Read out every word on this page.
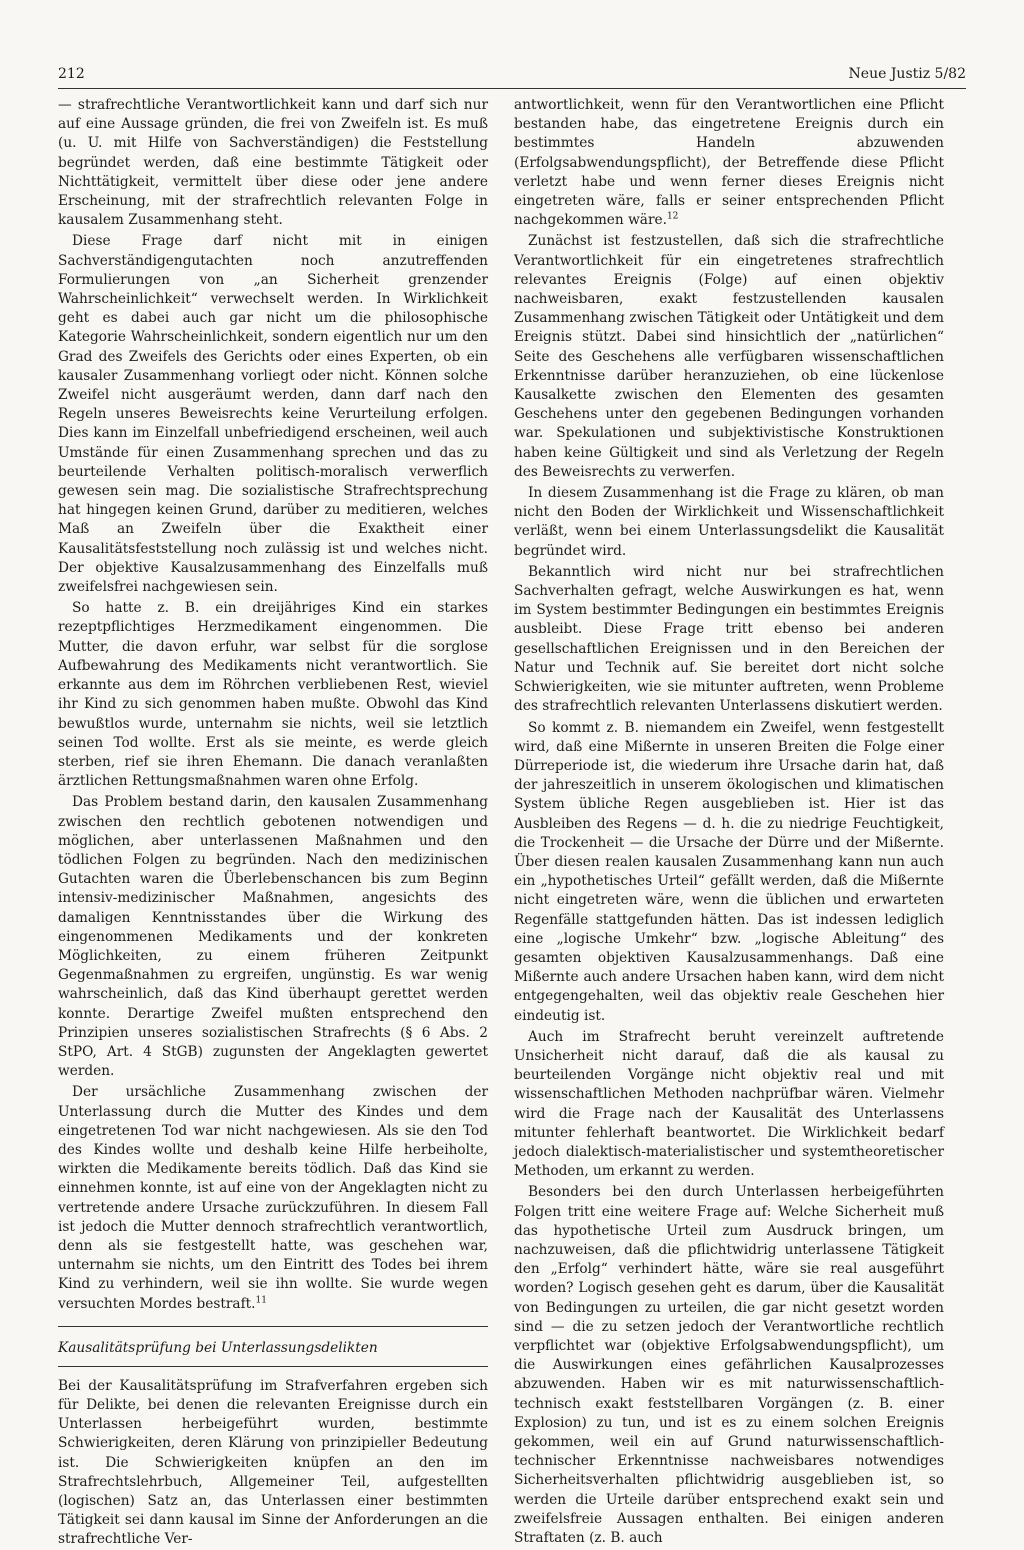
212	Neue Justiz 5/82

— strafrechtliche Verantwortlichkeit kann und darf sich nur auf eine Aussage gründen, die frei von Zweifeln ist. Es muß (u. U. mit Hilfe von Sachverständigen) die Feststellung begründet werden, daß eine bestimmte Tätigkeit oder Nichttätigkeit, vermittelt über diese oder jene andere Erscheinung, mit der strafrechtlich relevanten Folge in kausalem Zusammenhang steht.

Diese Frage darf nicht mit in einigen Sachverständigengutachten noch anzutreffenden Formulierungen von „an Sicherheit grenzender Wahrscheinlichkeit“ verwechselt werden. In Wirklichkeit geht es dabei auch gar nicht um die philosophische Kategorie Wahrscheinlichkeit, sondern eigentlich nur um den Grad des Zweifels des Gerichts oder eines Experten, ob ein kausaler Zusammenhang vorliegt oder nicht. Können solche Zweifel nicht ausgeräumt werden, dann darf nach den Regeln unseres Beweisrechts keine Verurteilung erfolgen. Dies kann im Einzelfall unbefriedigend erscheinen, weil auch Umstände für einen Zusammenhang sprechen und das zu beurteilende Verhalten politisch-moralisch verwerflich gewesen sein mag. Die sozialistische Strafrechtsprechung hat hingegen keinen Grund, darüber zu meditieren, welches Maß an Zweifeln über die Exaktheit einer Kausalitätsfeststellung noch zulässig ist und welches nicht. Der objektive Kausalzusammenhang des Einzelfalls muß zweifelsfrei nachgewiesen sein.

So hatte z. B. ein dreijähriges Kind ein starkes rezeptpflichtiges Herzmedikament eingenommen. Die Mutter, die davon erfuhr, war selbst für die sorglose Aufbewahrung des Medikaments nicht verantwortlich. Sie erkannte aus dem im Röhrchen verbliebenen Rest, wieviel ihr Kind zu sich genommen haben mußte. Obwohl das Kind bewußtlos wurde, unternahm sie nichts, weil sie letztlich seinen Tod wollte. Erst als sie meinte, es werde gleich sterben, rief sie ihren Ehemann. Die danach veranlaßten ärztlichen Rettungsmaßnahmen waren ohne Erfolg.

Das Problem bestand darin, den kausalen Zusammenhang zwischen den rechtlich gebotenen notwendigen und möglichen, aber unterlassenen Maßnahmen und den tödlichen Folgen zu begründen. Nach den medizinischen Gutachten waren die Überlebenschancen bis zum Beginn intensiv-medizinischer Maßnahmen, angesichts des damaligen Kenntnisstandes über die Wirkung des eingenommenen Medikaments und der konkreten Möglichkeiten, zu einem früheren Zeitpunkt Gegenmaßnahmen zu ergreifen, ungünstig. Es war wenig wahrscheinlich, daß das Kind überhaupt gerettet werden konnte. Derartige Zweifel mußten entsprechend den Prinzipien unseres sozialistischen Strafrechts (§ 6 Abs. 2 StPO, Art. 4 StGB) zugunsten der Angeklagten gewertet werden.

Der ursächliche Zusammenhang zwischen der Unterlassung durch die Mutter des Kindes und dem eingetretenen Tod war nicht nachgewiesen. Als sie den Tod des Kindes wollte und deshalb keine Hilfe herbeiholte, wirkten die Medikamente bereits tödlich. Daß das Kind sie einnehmen konnte, ist auf eine von der Angeklagten nicht zu vertretende andere Ursache zurückzuführen. In diesem Fall ist jedoch die Mutter dennoch strafrechtlich verantwortlich, denn als sie festgestellt hatte, was geschehen war, unternahm sie nichts, um den Eintritt des Todes bei ihrem Kind zu verhindern, weil sie ihn wollte. Sie wurde wegen versuchten Mordes bestraft.$^{11}$

Kausalitätsprüfung bei Unterlassungsdelikten

Bei der Kausalitätsprüfung im Strafverfahren ergeben sich für Delikte, bei denen die relevanten Ereignisse durch ein Unterlassen herbeigeführt wurden, bestimmte Schwierigkeiten, deren Klärung von prinzipieller Bedeutung ist. Die Schwierigkeiten knüpfen an den im Strafrechtslehrbuch, Allgemeiner Teil, aufgestellten (logischen) Satz an, das Unterlassen einer bestimmten Tätigkeit sei dann kausal im Sinne der Anforderungen an die strafrechtliche Ver-

antwortlichkeit, wenn für den Verantwortlichen eine Pflicht bestanden habe, das eingetretene Ereignis durch ein bestimmtes Handeln abzuwenden (Erfolgsabwendungspflicht), der Betreffende diese Pflicht verletzt habe und wenn ferner dieses Ereignis nicht eingetreten wäre, falls er seiner entsprechenden Pflicht nachgekommen wäre.$^{12}$

Zunächst ist festzustellen, daß sich die strafrechtliche Verantwortlichkeit für ein eingetretenes strafrechtlich relevantes Ereignis (Folge) auf einen objektiv nachweisbaren, exakt festzustellenden kausalen Zusammenhang zwischen Tätigkeit oder Untätigkeit und dem Ereignis stützt. Dabei sind hinsichtlich der „natürlichen“ Seite des Geschehens alle verfügbaren wissenschaftlichen Erkenntnisse darüber heranzuziehen, ob eine lückenlose Kausalkette zwischen den Elementen des gesamten Geschehens unter den gegebenen Bedingungen vorhanden war. Spekulationen und subjektivistische Konstruktionen haben keine Gültigkeit und sind als Verletzung der Regeln des Beweisrechts zu verwerfen.

In diesem Zusammenhang ist die Frage zu klären, ob man nicht den Boden der Wirklichkeit und Wissenschaftlichkeit verläßt, wenn bei einem Unterlassungsdelikt die Kausalität begründet wird.

Bekanntlich wird nicht nur bei strafrechtlichen Sachverhalten gefragt, welche Auswirkungen es hat, wenn im System bestimmter Bedingungen ein bestimmtes Ereignis ausbleibt. Diese Frage tritt ebenso bei anderen gesellschaftlichen Ereignissen und in den Bereichen der Natur und Technik auf. Sie bereitet dort nicht solche Schwierigkeiten, wie sie mitunter auftreten, wenn Probleme des strafrechtlich relevanten Unterlassens diskutiert werden.

So kommt z. B. niemandem ein Zweifel, wenn festgestellt wird, daß eine Mißernte in unseren Breiten die Folge einer Dürreperiode ist, die wiederum ihre Ursache darin hat, daß der jahreszeitlich in unserem ökologischen und klimatischen System übliche Regen ausgeblieben ist. Hier ist das Ausbleiben des Regens — d. h. die zu niedrige Feuchtigkeit, die Trockenheit — die Ursache der Dürre und der Mißernte. Über diesen realen kausalen Zusammenhang kann nun auch ein „hypothetisches Urteil“ gefällt werden, daß die Mißernte nicht eingetreten wäre, wenn die üblichen und erwarteten Regenfälle stattgefunden hätten. Das ist indessen lediglich eine „logische Umkehr“ bzw. „logische Ableitung“ des gesamten objektiven Kausalzusammenhangs. Daß eine Mißernte auch andere Ursachen haben kann, wird dem nicht entgegengehalten, weil das objektiv reale Geschehen hier eindeutig ist.

Auch im Strafrecht beruht vereinzelt auftretende Unsicherheit nicht darauf, daß die als kausal zu beurteilenden Vorgänge nicht objektiv real und mit wissenschaftlichen Methoden nachprüfbar wären. Vielmehr wird die Frage nach der Kausalität des Unterlassens mitunter fehlerhaft beantwortet. Die Wirklichkeit bedarf jedoch dialektisch-materialistischer und systemtheoretischer Methoden, um erkannt zu werden.

Besonders bei den durch Unterlassen herbeigeführten Folgen tritt eine weitere Frage auf: Welche Sicherheit muß das hypothetische Urteil zum Ausdruck bringen, um nachzuweisen, daß die pflichtwidrig unterlassene Tätigkeit den „Erfolg“ verhindert hätte, wäre sie real ausgeführt worden? Logisch gesehen geht es darum, über die Kausalität von Bedingungen zu urteilen, die gar nicht gesetzt worden sind — die zu setzen jedoch der Verantwortliche rechtlich verpflichtet war (objektive Erfolgsabwendungspflicht), um die Auswirkungen eines gefährlichen Kausalprozesses abzuwenden. Haben wir es mit naturwissenschaftlich-technisch exakt feststellbaren Vorgängen (z. B. einer Explosion) zu tun, und ist es zu einem solchen Ereignis gekommen, weil ein auf Grund naturwissenschaftlich-technischer Erkenntnisse nachweisbares notwendiges Sicherheitsverhalten pflichtwidrig ausgeblieben ist, so werden die Urteile darüber entsprechend exakt sein und zweifelsfreie Aussagen enthalten. Bei einigen anderen Straftaten (z. B. auch
